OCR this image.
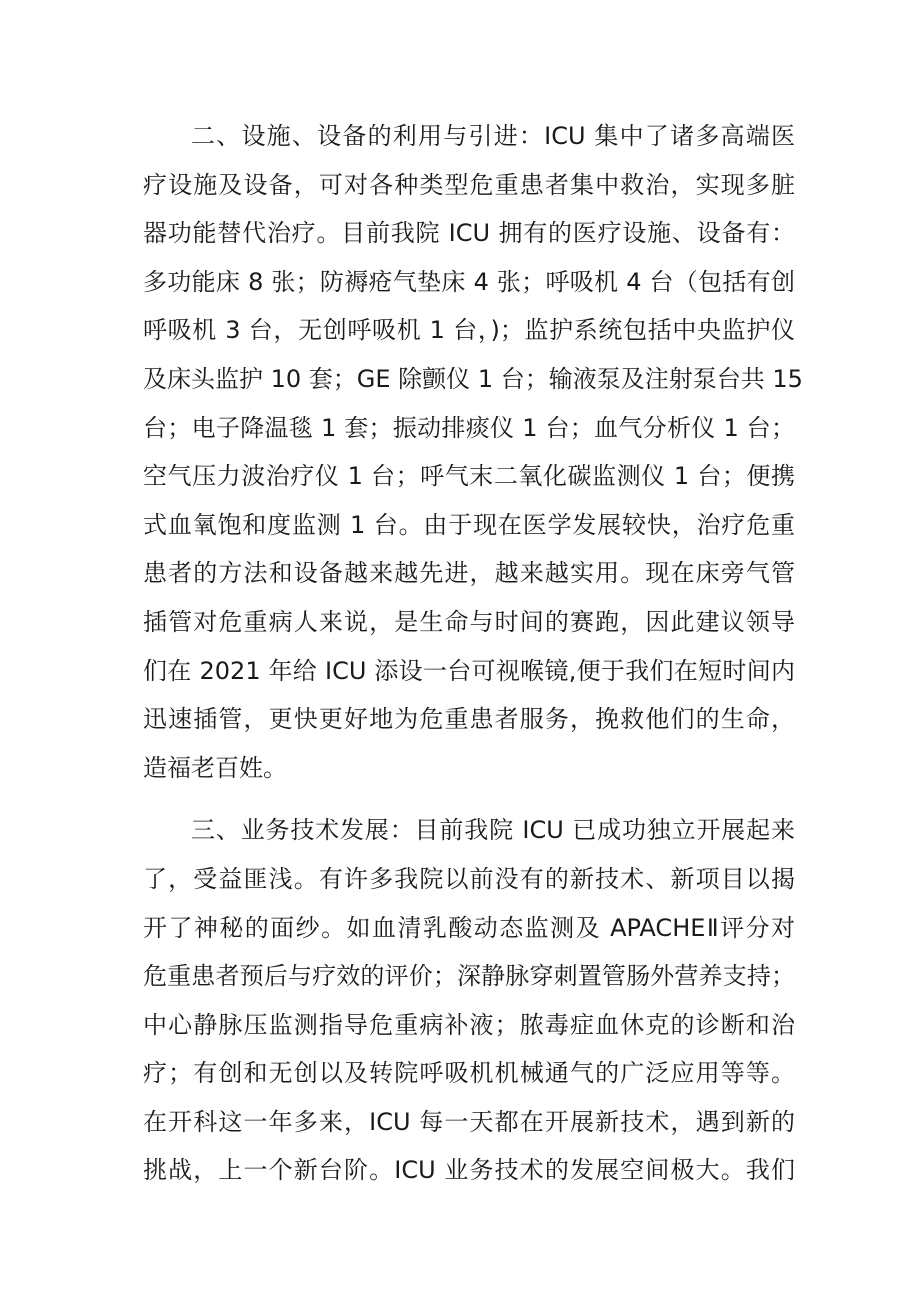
二、设施、设备的利用与引进：ICU 集中了诸多高端医
疗设施及设备，可对各种类型危重患者集中救治，实现多脏
器功能替代治疗。目前我院 ICU 拥有的医疗设施、设备有：
多功能床 8 张；防褥疮气垫床 4 张；呼吸机 4 台（包括有创
呼吸机 3 台，无创呼吸机 1 台，)；监护系统包括中央监护仪
及床头监护 10 套；GE 除颤仪 1 台；输液泵及注射泵台共 15
台；电子降温毯 1 套；振动排痰仪 1 台；血气分析仪 1 台；
空气压力波治疗仪 1 台；呼气末二氧化碳监测仪 1 台；便携
式血氧饱和度监测 1 台。由于现在医学发展较快，治疗危重
患者的方法和设备越来越先进，越来越实用。现在床旁气管
插管对危重病人来说，是生命与时间的赛跑，因此建议领导
们在 2021 年给 ICU 添设一台可视喉镜,便于我们在短时间内
迅速插管，更快更好地为危重患者服务，挽救他们的生命，
造福老百姓。
三、业务技术发展：目前我院 ICU 已成功独立开展起来
了，受益匪浅。有许多我院以前没有的新技术、新项目以揭
开了神秘的面纱。如血清乳酸动态监测及 APACHEⅡ评分对
危重患者预后与疗效的评价；深静脉穿刺置管肠外营养支持；
中心静脉压监测指导危重病补液；脓毒症血休克的诊断和治
疗；有创和无创以及转院呼吸机机械通气的广泛应用等等。
在开科这一年多来，ICU 每一天都在开展新技术，遇到新的
挑战，上一个新台阶。ICU 业务技术的发展空间极大。我们
